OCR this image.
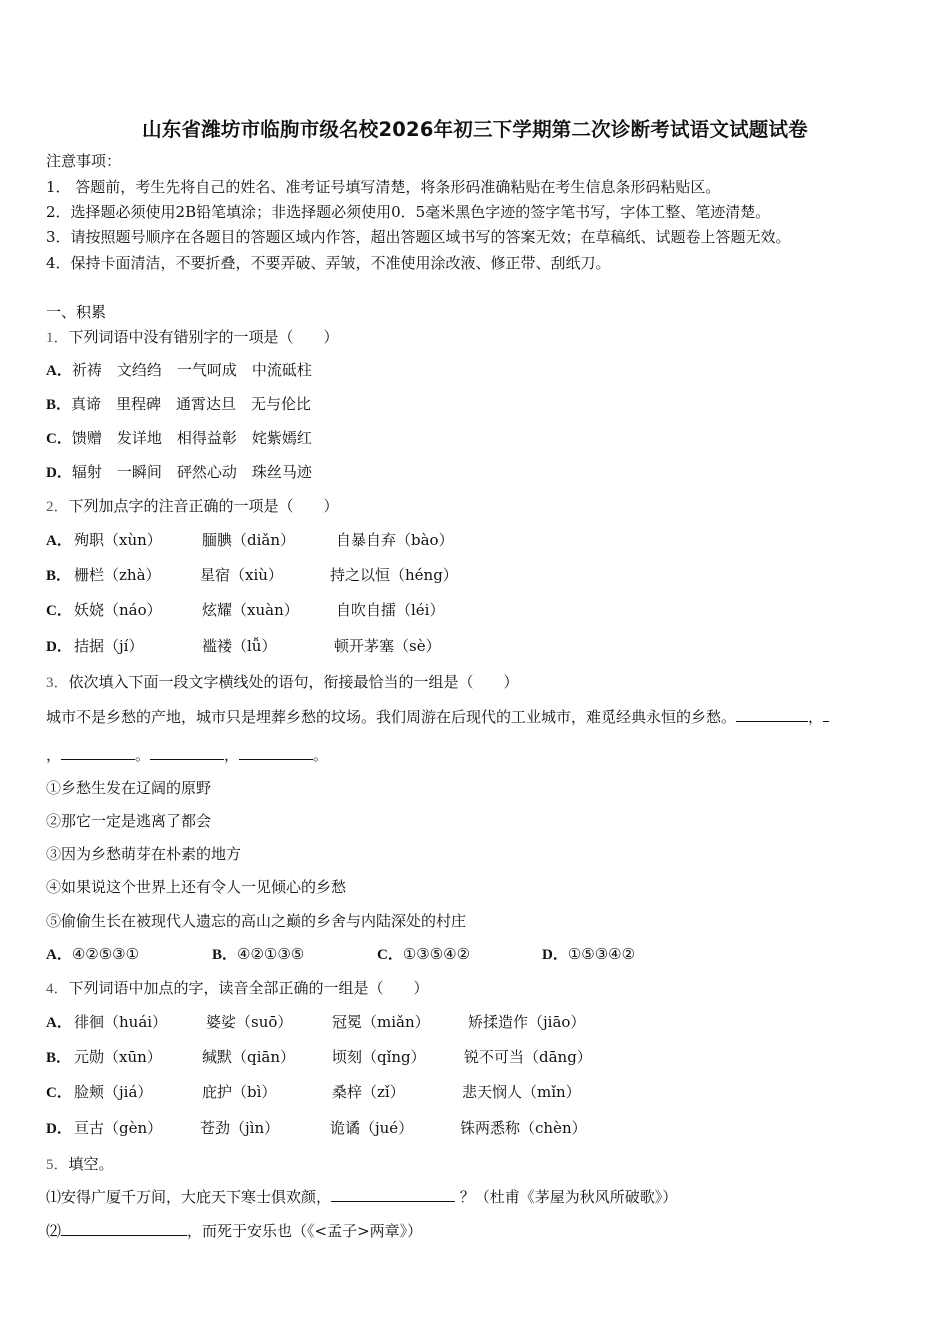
山东省潍坊市临朐市级名校2026年初三下学期第二次诊断考试语文试题试卷
注意事项：
1． 答题前，考生先将自己的姓名、准考证号填写清楚，将条形码准确粘贴在考生信息条形码粘贴区。
2．选择题必须使用2B铅笔填涂；非选择题必须使用0．5毫米黑色字迹的签字笔书写，字体工整、笔迹清楚。
3．请按照题号顺序在各题目的答题区域内作答，超出答题区域书写的答案无效；在草稿纸、试题卷上答题无效。
4．保持卡面清洁，不要折叠，不要弄破、弄皱，不准使用涂改液、修正带、刮纸刀。
一、积累
1．下列词语中没有错别字的一项是（　　）
A．祈祷　文绉绉　一气呵成　中流砥柱
B．真谛　里程碑　通霄达旦　无与伦比
C．馈赠　发详地　相得益彰　姹紫嫣红
D．辐射　一瞬间　砰然心动　珠丝马迹
2．下列加点字的注音正确的一项是（　　）
A． 殉职（xùn）	腼腆（diǎn）	自暴自弃（bào）
B． 栅栏（zhà）	星宿（xiù）	持之以恒（héng）
C． 妖娆（náo）	炫耀（xuàn） 自吹自擂（léi）
D． 拮据（jí）	褴褛（lǚ）	顿开茅塞（sè）
3．依次填入下面一段文字横线处的语句，衔接最恰当的一组是（　　）
城市不是乡愁的产地，城市只是埋葬乡愁的坟场。我们周游在后现代的工业城市，难觅经典永恒的乡愁。	，
，	。	，	。
①乡愁生发在辽阔的原野
②那它一定是逃离了都会
③因为乡愁萌芽在朴素的地方
④如果说这个世界上还有令人一见倾心的乡愁
⑤偷偷生长在被现代人遗忘的高山之巅的乡舍与内陆深处的村庄
A．④②⑤③①	B．④②①③⑤	C．①③⑤④②	D．①⑤③④②
4．下列词语中加点的字，读音全部正确的一组是（　　）
A． 徘徊（huái）	婆娑（suō）	冠冕（miǎn）	矫揉造作（jiāo）
B． 元勋（xūn）	缄默（qiān） 顷刻（qǐng）	锐不可当（dāng）
C． 脸颊（jiá）	庇护（bì）	桑梓（zǐ）	悲天悯人（mǐn）
D． 亘古（gèn）	苍劲（jìn）	诡谲（jué）	铢两悉称（chèn）
5．填空。
⑴安得广厦千万间，大庇天下寒士俱欢颜，	？（杜甫《茅屋为秋风所破歌》）
⑵	，而死于安乐也（《<孟子>两章》）
